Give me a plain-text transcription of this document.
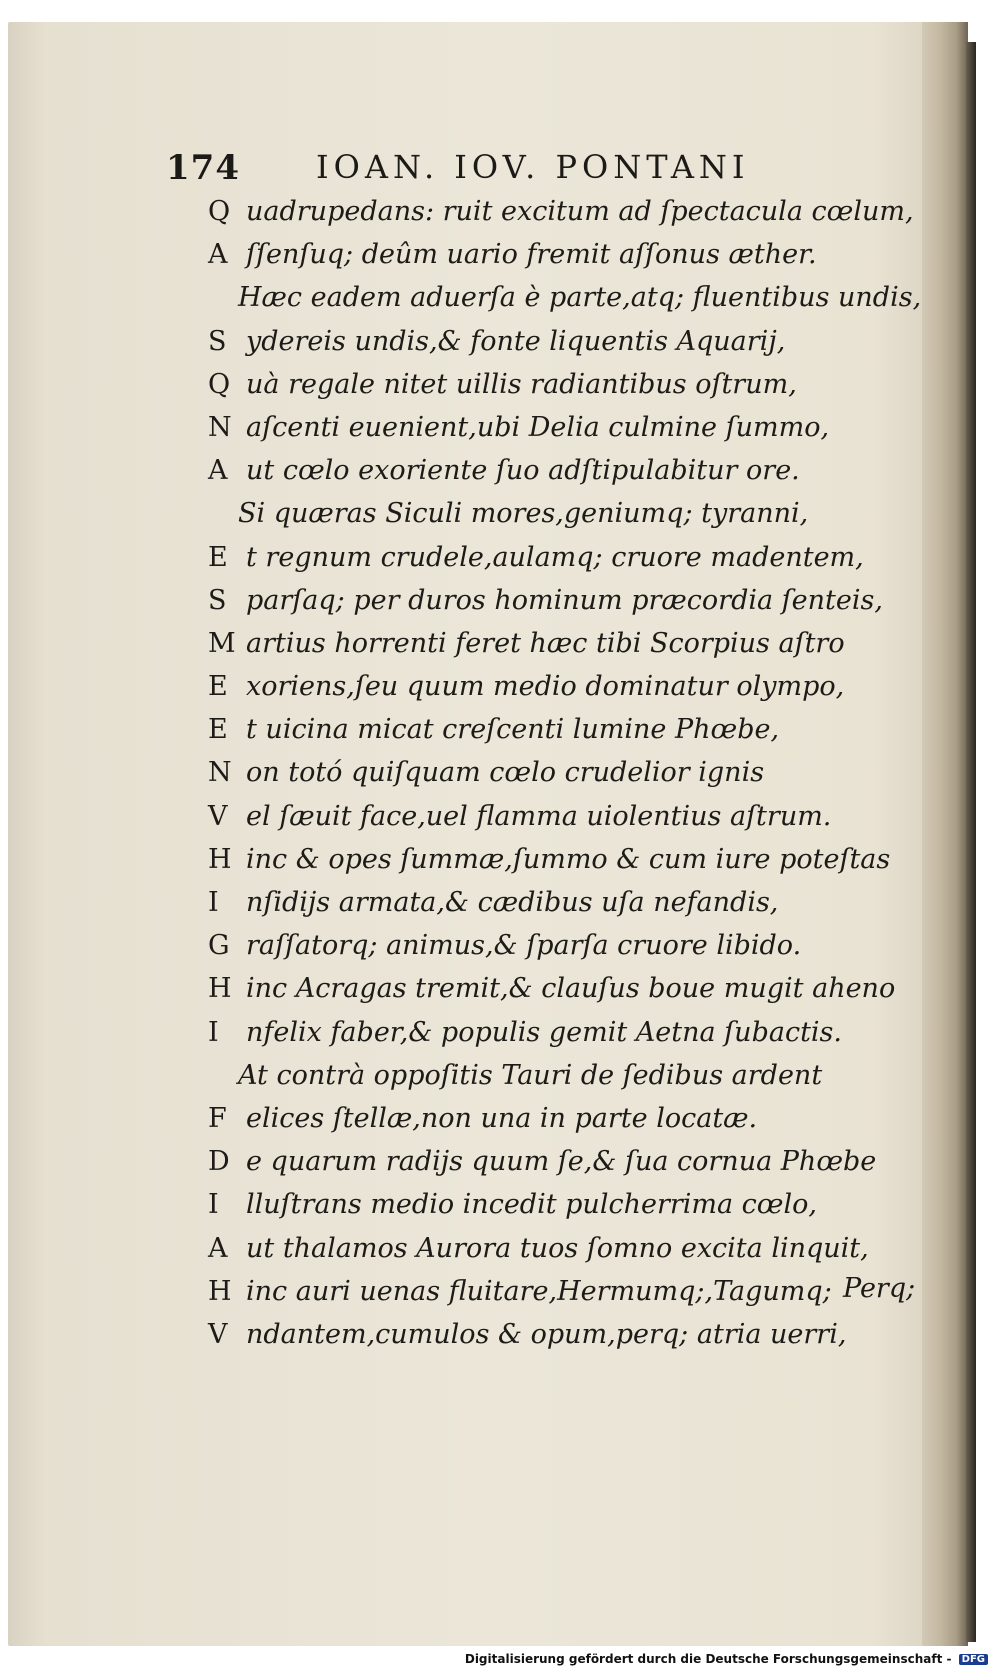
174 IOAN. IOV. PONTANI
Q uadrupedans: ruit excitum ad ſpectacula cœlum,
A ſſenſuq; deûm uario fremit aſſonus æther.
Hæc eadem aduerſa è parte,atq; fluentibus undis,
S ydereis undis,& fonte liquentis Aquarij,
Q uà regale nitet uillis radiantibus oſtrum,
N aſcenti euenient,ubi Delia culmine ſummo,
A ut cœlo exoriente ſuo adſtipulabitur ore.
Si quæras Siculi mores,geniumq; tyranni,
E t regnum crudele,aulamq; cruore madentem,
S parſaq; per duros hominum præcordia ſenteis,
M artius horrenti feret hæc tibi Scorpius aſtro
E xoriens,ſeu quum medio dominatur olympo,
E t uicina micat creſcenti lumine Phœbe,
N on totó quiſquam cœlo crudelior ignis
V el ſæuit face,uel flamma uiolentius aſtrum.
H inc & opes ſummæ,ſummo & cum iure poteſtas
I nſidijs armata,& cædibus uſa nefandis,
G raſſatorq; animus,& ſparſa cruore libido.
H inc Acragas tremit,& clauſus boue mugit aheno
I nfelix faber,& populis gemit Aetna ſubactis.
At contrà oppoſitis Tauri de ſedibus ardent
F elices ſtellæ,non una in parte locatæ.
D e quarum radijs quum ſe,& ſua cornua Phœbe
I lluſtrans medio incedit pulcherrima cœlo,
A ut thalamos Aurora tuos ſomno excita linquit,
H inc auri uenas fluitare,Hermumq;,Tagumq;
V ndantem,cumulos & opum,perq; atria uerri,
Perq;
Digitalisierung gefördert durch die Deutsche Forschungsgemeinschaft - DFG
